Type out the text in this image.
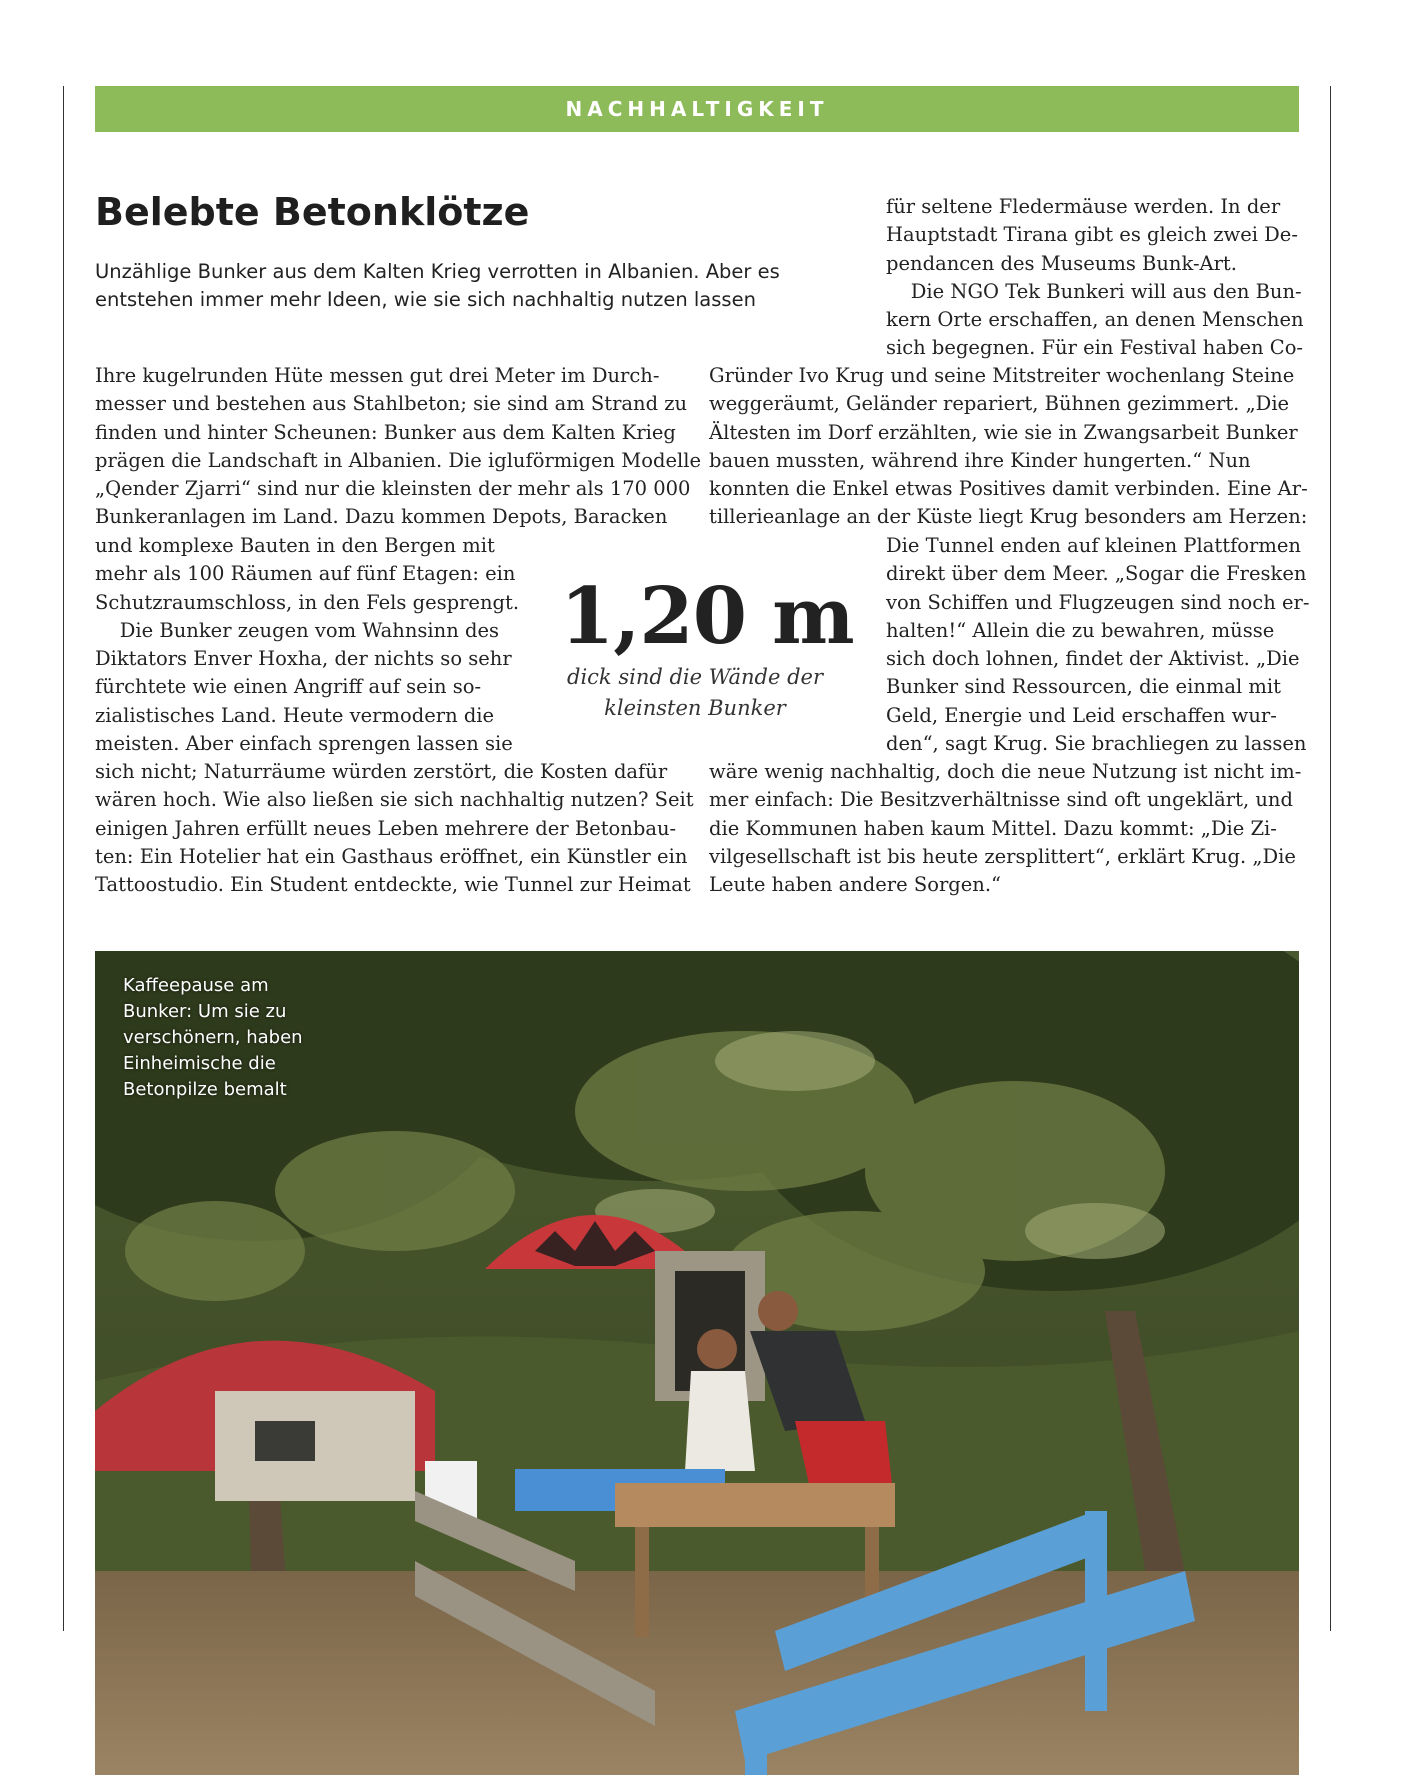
NACHHALTIGKEIT
Belebte Betonklötze

Unzählige Bunker aus dem Kalten Krieg verrotten in Albanien. Aber es entstehen immer mehr Ideen, wie sie sich nachhaltig nutzen lassen

Ihre kugelrunden Hüte messen gut drei Meter im Durch-
messer und bestehen aus Stahlbeton; sie sind am Strand zu
finden und hinter Scheunen: Bunker aus dem Kalten Krieg
prägen die Landschaft in Albanien. Die igluförmigen Modelle
„Qender Zjarri“ sind nur die kleinsten der mehr als 170 000
Bunkeranlagen im Land. Dazu kommen Depots, Baracken

und komplexe Bauten in den Bergen mit
mehr als 100 Räumen auf fünf Etagen: ein
Schutzraumschloss, in den Fels gesprengt.
Die Bunker zeugen vom Wahnsinn des
Diktators Enver Hoxha, der nichts so sehr
fürchtete wie einen Angriff auf sein so-
zialistisches Land. Heute vermodern die
meisten. Aber einfach sprengen lassen sie

sich nicht; Naturräume würden zerstört, die Kosten dafür
wären hoch. Wie also ließen sie sich nachhaltig nutzen? Seit
einigen Jahren erfüllt neues Leben mehrere der Betonbau-
ten: Ein Hotelier hat ein Gasthaus eröffnet, ein Künstler ein
Tattoostudio. Ein Student entdeckte, wie Tunnel zur Heimat

für seltene Fledermäuse werden. In der
Hauptstadt Tirana gibt es gleich zwei De-
pendancen des Museums Bunk-Art.
Die NGO Tek Bunkeri will aus den Bun-
kern Orte erschaffen, an denen Menschen
sich begegnen. Für ein Festival haben Co-

Gründer Ivo Krug und seine Mitstreiter wochenlang Steine
weggeräumt, Geländer repariert, Bühnen gezimmert. „Die
Ältesten im Dorf erzählten, wie sie in Zwangsarbeit Bunker
bauen mussten, während ihre Kinder hungerten.“ Nun
konnten die Enkel etwas Positives damit verbinden. Eine Ar-
tillerieanlage an der Küste liegt Krug besonders am Herzen:

Die Tunnel enden auf kleinen Plattformen
direkt über dem Meer. „Sogar die Fresken
von Schiffen und Flugzeugen sind noch er-
halten!“ Allein die zu bewahren, müsse
sich doch lohnen, findet der Aktivist. „Die
Bunker sind Ressourcen, die einmal mit
Geld, Energie und Leid erschaffen wur-
den“, sagt Krug. Sie brachliegen zu lassen

wäre wenig nachhaltig, doch die neue Nutzung ist nicht im-
mer einfach: Die Besitzverhältnisse sind oft ungeklärt, und
die Kommunen haben kaum Mittel. Dazu kommt: „Die Zi-
vilgesellschaft ist bis heute zersplittert“, erklärt Krug. „Die
Leute haben andere Sorgen.“

1,20 m
dick sind die Wände der kleinsten Bunker

Kaffeepause am
Bunker: Um sie zu
verschönern, haben
Einheimische die
Betonpilze bemalt
